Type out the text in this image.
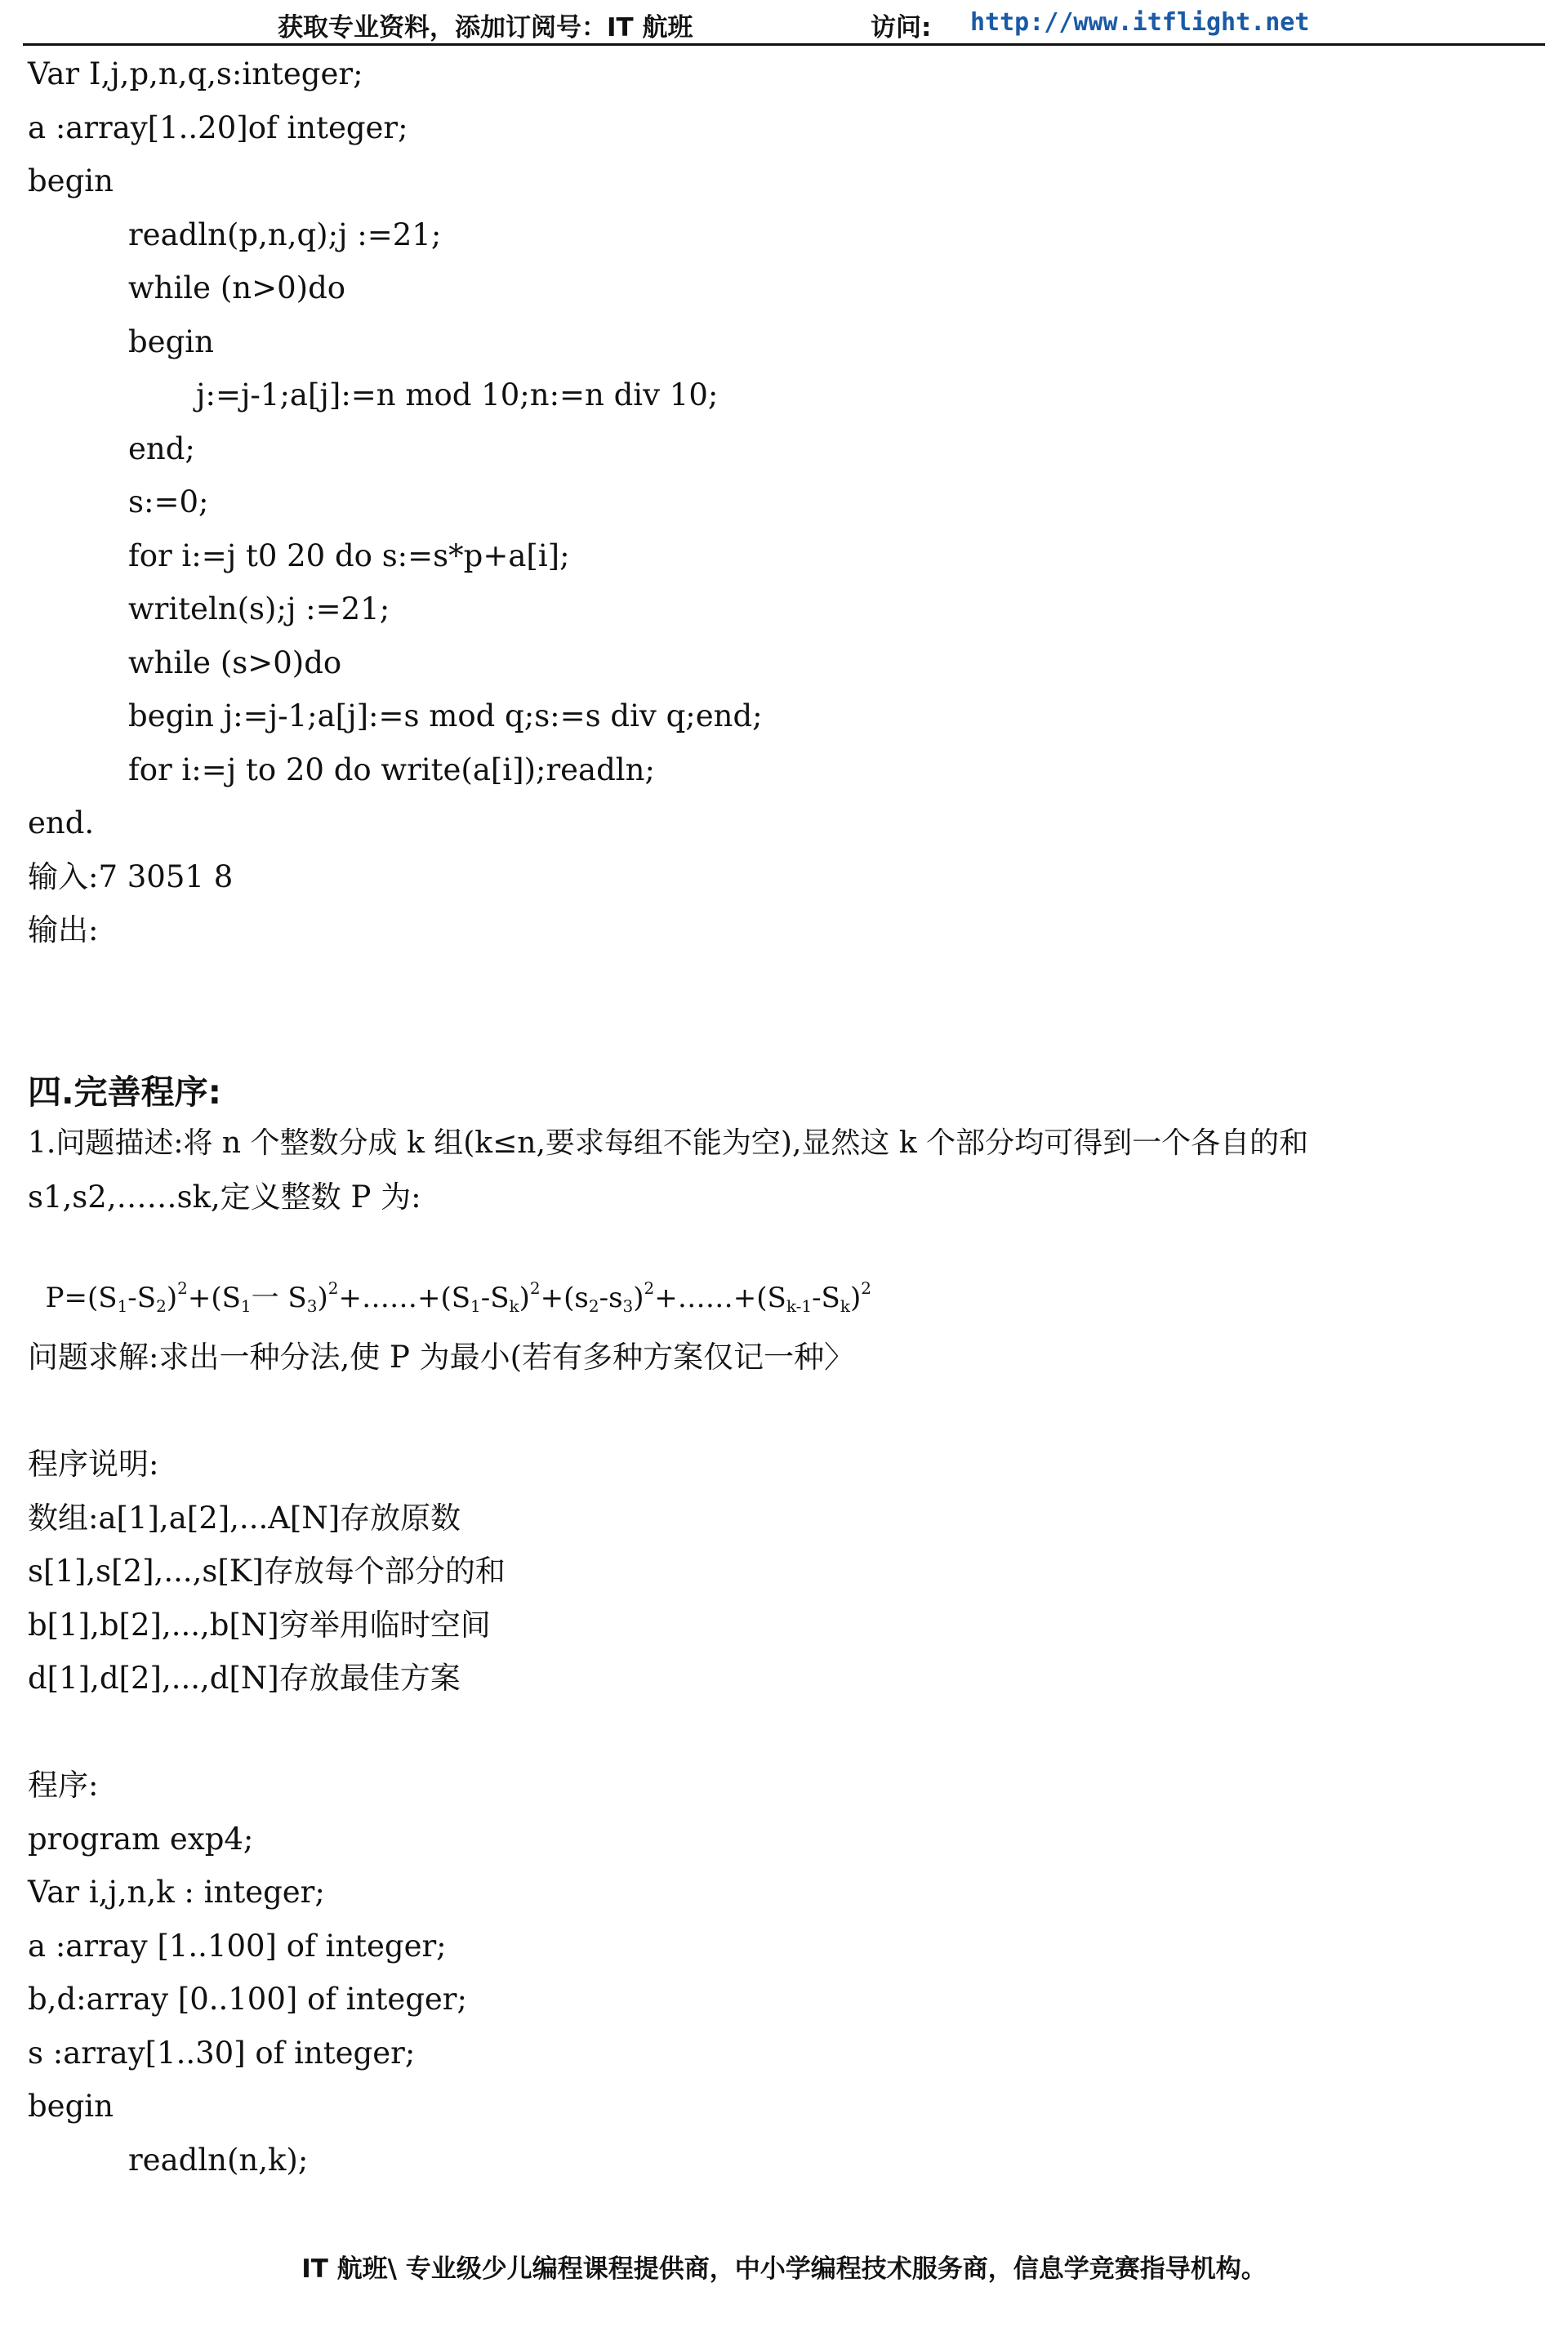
获取专业资料，添加订阅号：IT 航班	访问: http://www.itflight.net
Var I,j,p,n,q,s:integer;
a :array[1..20]of integer;
begin
readln(p,n,q);j :=21;
while (n>0)do
begin
j:=j-1;a[j]:=n mod 10;n:=n div 10;
end;
s:=0;
for i:=j t0 20 do s:=s*p+a[i];
writeln(s);j :=21;
while (s>0)do
begin j:=j-1;a[j]:=s mod q;s:=s div q;end;
for i:=j to 20 do write(a[i]);readln;
end.
输入:7 3051 8
输出:
四.完善程序:
1.问题描述:将 n 个整数分成 k 组(k≤n,要求每组不能为空),显然这 k 个部分均可得到一个各自的和
s1,s2,……sk,定义整数 P 为:

$P=(S_1-S_2)^2+(S_1$一 $S_3)^2+\dots\dots+(S_1-S_k)^2+(s_2-s_3)^2+\dots\dots+(S_{k-1}-S_k)^2$

问题求解:求出一种分法,使 P 为最小(若有多种方案仅记一种〉
程序说明:
数组:a[1],a[2],...A[N]存放原数
s[1],s[2],...,s[K]存放每个部分的和
b[1],b[2],...,b[N]穷举用临时空间
d[1],d[2],...,d[N]存放最佳方案
程序:
program exp4;
Var i,j,n,k : integer;
a :array [1..100] of integer;
b,d:array [0..100] of integer;
s :array[1..30] of integer;
begin
readln(n,k);
IT 航班\ 专业级少儿编程课程提供商，中小学编程技术服务商，信息学竞赛指导机构。
